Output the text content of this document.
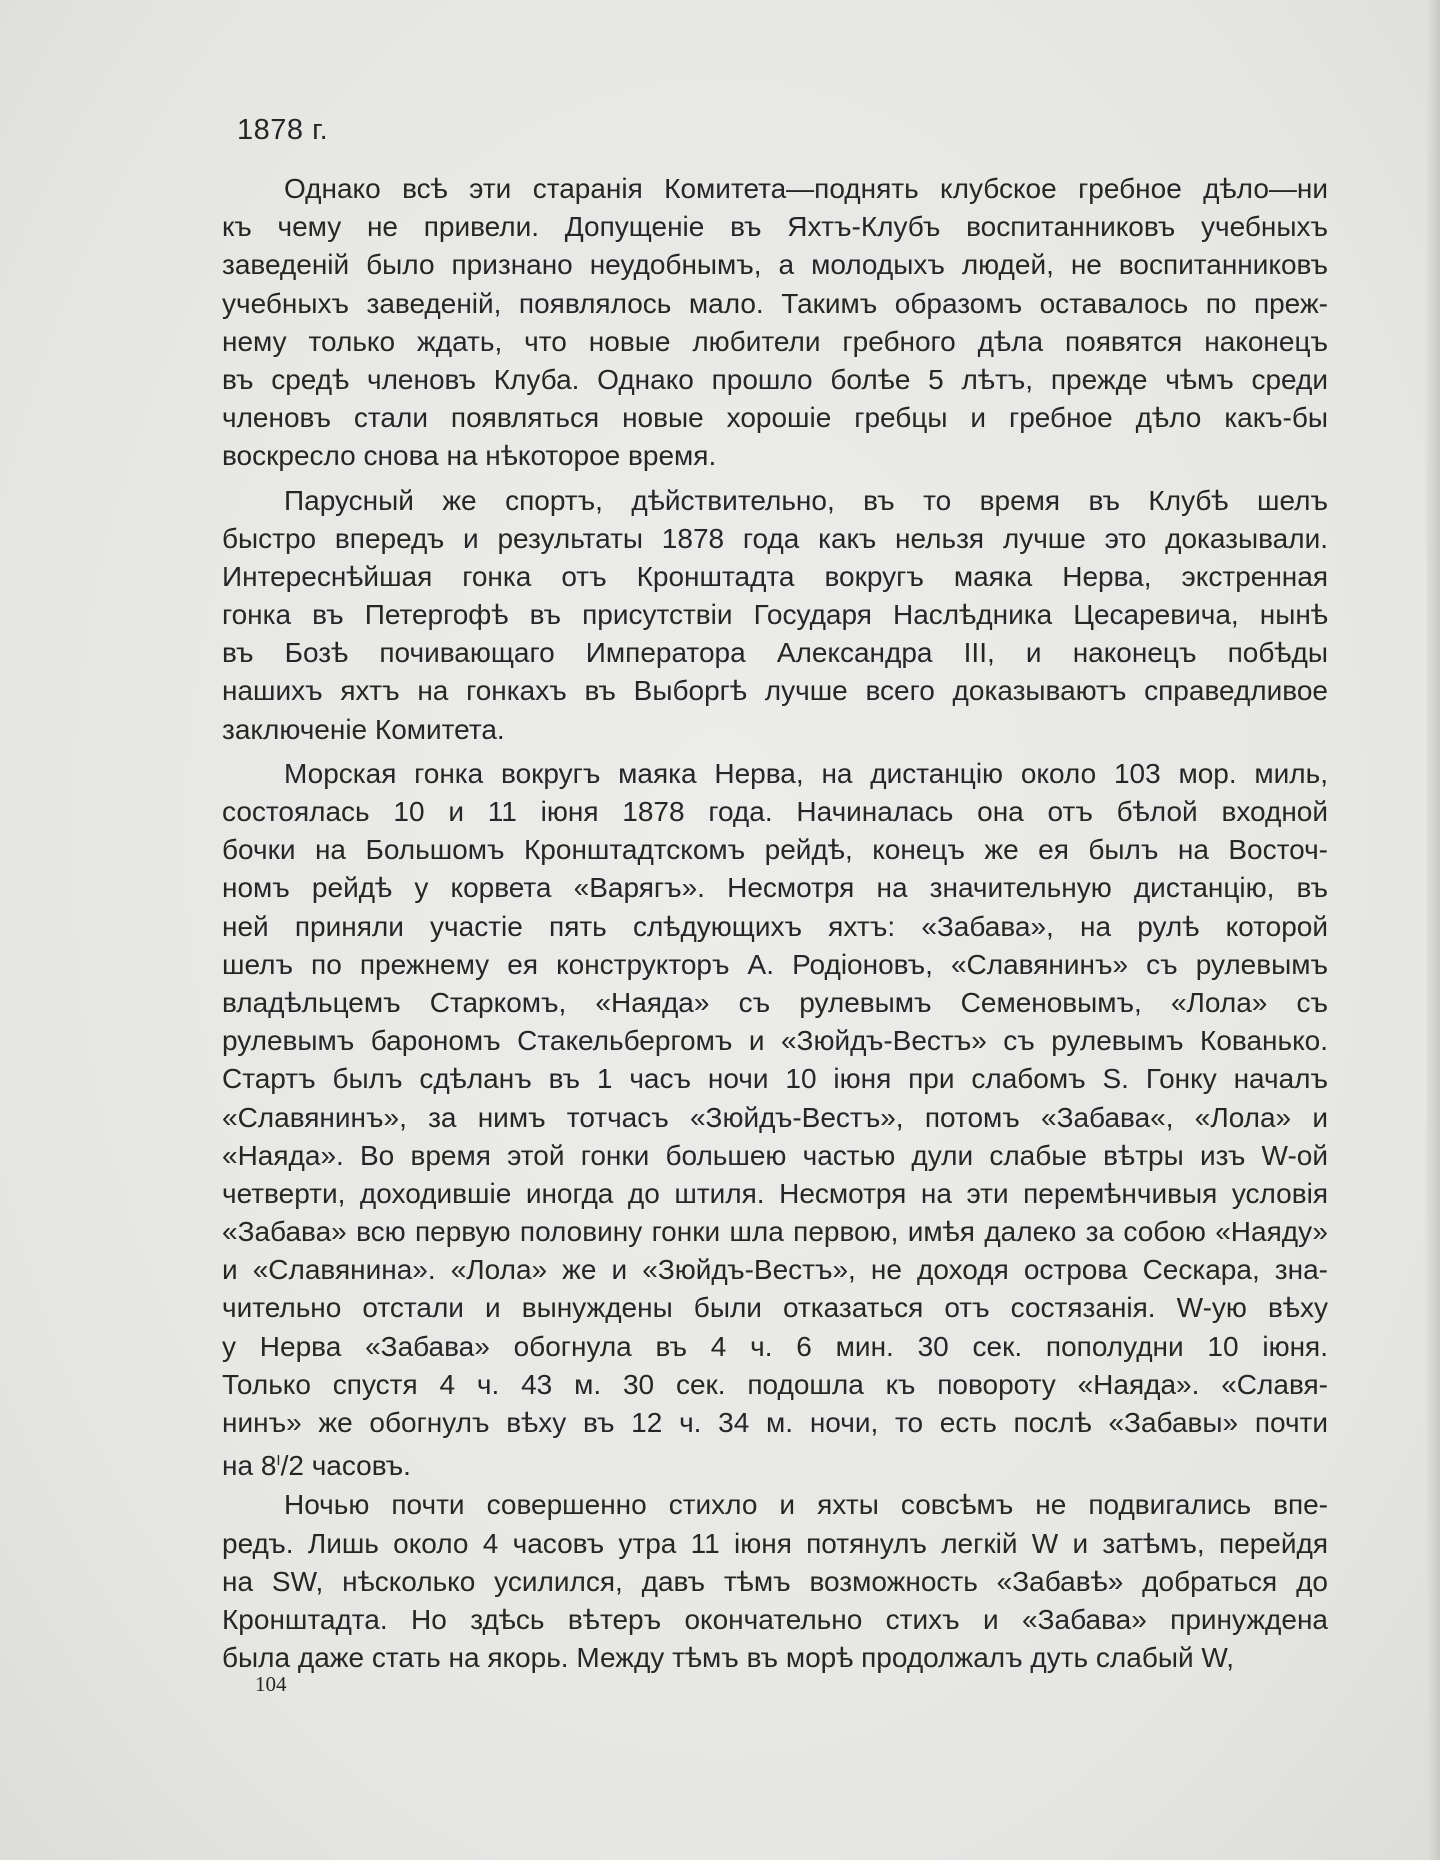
1878 г.
Однако всѣ эти старанія Комитета—поднять клубское гребное дѣло—ни
къ чему не привели. Допущеніе въ Яхтъ-Клубъ воспитанниковъ учебныхъ
заведеній было признано неудобнымъ, а молодыхъ людей, не воспитанниковъ
учебныхъ заведеній, появлялось мало. Такимъ образомъ оставалось по преж-
нему только ждать, что новые любители гребного дѣла появятся наконецъ
въ средѣ членовъ Клуба. Однако прошло болѣе 5 лѣтъ, прежде чѣмъ среди
членовъ стали появляться новые хорошіе гребцы и гребное дѣло какъ-бы
воскресло снова на нѣкоторое время.
Парусный же спортъ, дѣйствительно, въ то время въ Клубѣ шелъ
быстро впередъ и результаты 1878 года какъ нельзя лучше это доказывали.
Интереснѣйшая гонка отъ Кронштадта вокругъ маяка Нерва, экстренная
гонка въ Петергофѣ въ присутствіи Государя Наслѣдника Цесаревича, нынѣ
въ Бозѣ почивающаго Императора Александра III, и наконецъ побѣды
нашихъ яхтъ на гонкахъ въ Выборгѣ лучше всего доказываютъ справедливое
заключеніе Комитета.
Морская гонка вокругъ маяка Нерва, на дистанцію около 103 мор. миль,
состоялась 10 и 11 іюня 1878 года. Начиналась она отъ бѣлой входной
бочки на Большомъ Кронштадтскомъ рейдѣ, конецъ же ея былъ на Восточ-
номъ рейдѣ у корвета «Варягъ». Несмотря на значительную дистанцію, въ
ней приняли участіе пять слѣдующихъ яхтъ: «Забава», на рулѣ которой
шелъ по прежнему ея конструкторъ А. Родіоновъ, «Славянинъ» съ рулевымъ
владѣльцемъ Старкомъ, «Наяда» съ рулевымъ Семеновымъ, «Лола» съ
рулевымъ барономъ Стакельбергомъ и «Зюйдъ-Вестъ» съ рулевымъ Кованько.
Стартъ былъ сдѣланъ въ 1 часъ ночи 10 іюня при слабомъ S. Гонку началъ
«Славянинъ», за нимъ тотчасъ «Зюйдъ-Вестъ», потомъ «Забава«, «Лола» и
«Наяда». Во время этой гонки большею частью дули слабые вѣтры изъ W-ой
четверти, доходившіе иногда до штиля. Несмотря на эти перемѣнчивыя условія
«Забава» всю первую половину гонки шла первою, имѣя далеко за собою «Наяду»
и «Славянина». «Лола» же и «Зюйдъ-Вестъ», не доходя острова Сескара, зна-
чительно отстали и вынуждены были отказаться отъ состязанія. W-ую вѣху
у Нерва «Забава» обогнула въ 4 ч. 6 мин. 30 сек. пополудни 10 іюня.
Только спустя 4 ч. 43 м. 30 сек. подошла къ повороту «Наяда». «Славя-
нинъ» же обогнулъ вѣху въ 12 ч. 34 м. ночи, то есть послѣ «Забавы» почти
на $8^I/2$ часовъ.
Ночью почти совершенно стихло и яхты совсѣмъ не подвигались впе-
редъ. Лишь около 4 часовъ утра 11 іюня потянулъ легкій W и затѣмъ, перейдя
на SW, нѣсколько усилился, давъ тѣмъ возможность «Забавѣ» добраться до
Кронштадта. Но здѣсь вѣтеръ окончательно стихъ и «Забава» принуждена
была даже стать на якорь. Между тѣмъ въ морѣ продолжалъ дуть слабый W,
104
